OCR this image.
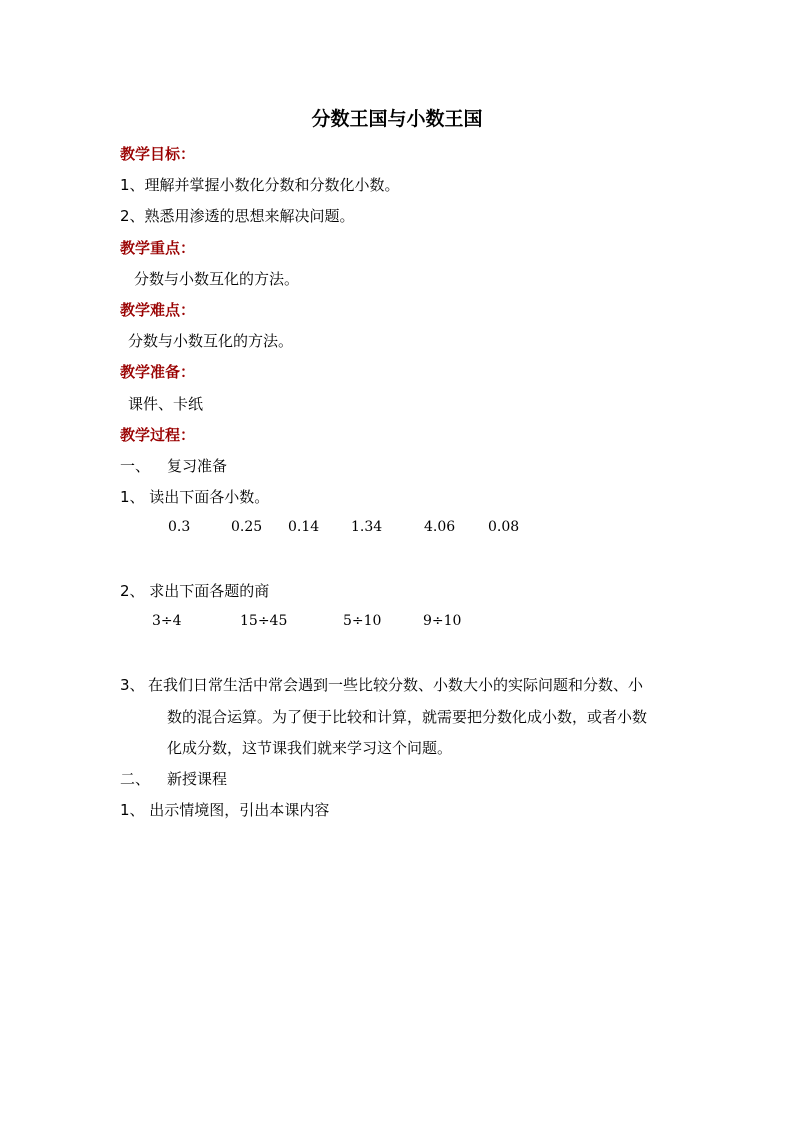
分数王国与小数王国
教学目标：
1、理解并掌握小数化分数和分数化小数。
2、熟悉用渗透的思想来解决问题。
教学重点：
分数与小数互化的方法。
教学难点：
分数与小数互化的方法。
教学准备：
课件、卡纸
教学过程：
一、 复习准备
1、 读出下面各小数。
0.3	0.25 0.14 1.34	4.06 0.08
2、 求出下面各题的商
3÷4	15÷45	5÷10	9÷10
3、 在我们日常生活中常会遇到一些比较分数、小数大小的实际问题和分数、小
数的混合运算。为了便于比较和计算，就需要把分数化成小数，或者小数
化成分数，这节课我们就来学习这个问题。
二、 新授课程
1、 出示情境图，引出本课内容
